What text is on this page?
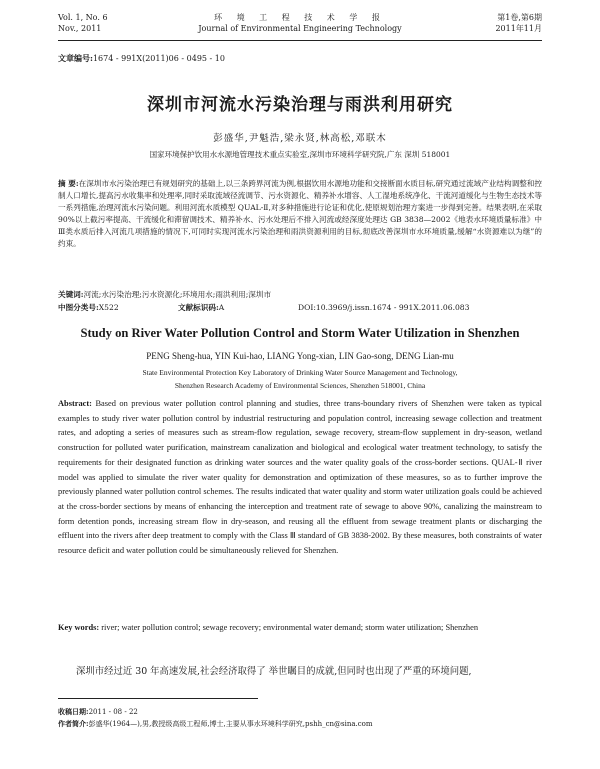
Vol. 1, No. 6
Nov., 2011
环 境 工 程 技 术 学 报
Journal of Environmental Engineering Technology
第1卷,第6期
2011年11月
文章编号:1674 - 991X(2011)06 - 0495 - 10
深圳市河流水污染治理与雨洪利用研究
彭盛华,尹魁浩,梁永贤,林高松,邓联木
国家环境保护饮用水水源地管理技术重点实验室,深圳市环境科学研究院,广东 深圳 518001
摘 要:在深圳市水污染治理已有规划研究的基础上,以三条跨界河流为例,根据饮用水源地功能和交接断面水质目标,研究通过流域产业结构调整和控制人口增长,提高污水收集率和处理率,同时采取流域径流调节、污水资源化、精养补水增容、人工湿地系统净化、干流河道缓化与生物生态技术等一系列措施,治理河流水污染问题。利用河流水质模型 QUAL-Ⅱ,对多种措施进行论证和优化,使原规划治理方案进一步得到完善。结果表明,在采取90%以上截污率提高、干流缓化和滞留调技术、精养补水、污水处理后不排入河流或经深度处理达 GB 3838—2002《地表水环境质量标准》中Ⅲ类水质后排入河流几项措施的情况下,可同时实现河流水污染治理和雨洪资源利用的目标,彻底改善深圳市水环境质量,缓解“水资源难以为继”的约束。
关键词:河流;水污染治理;污水资源化;环境用水;雨洪利用;深圳市
中图分类号:X522	文献标识码:A	DOI:10.3969/j.issn.1674 - 991X.2011.06.083
Study on River Water Pollution Control and Storm Water Utilization in Shenzhen
PENG Sheng-hua, YIN Kui-hao, LIANG Yong-xian, LIN Gao-song, DENG Lian-mu
State Environmental Protection Key Laboratory of Drinking Water Source Management and Technology,
Shenzhen Research Academy of Environmental Sciences, Shenzhen 518001, China
Abstract: Based on previous water pollution control planning and studies, three trans-boundary rivers of Shenzhen were taken as typical examples to study river water pollution control by industrial restructuring and population control, increasing sewage collection and treatment rates, and adopting a series of measures such as stream-flow regulation, sewage recovery, stream-flow supplement in dry-season, wetland construction for polluted water purification, mainstream canalization and biological and ecological water treatment technology, to satisfy the requirements for their designated function as drinking water sources and the water quality goals of the cross-border sections. QUAL-Ⅱ river model was applied to simulate the river water quality for demonstration and optimization of these measures, so as to further improve the previously planned water pollution control schemes. The results indicated that water quality and storm water utilization goals could be achieved at the cross-border sections by means of enhancing the interception and treatment rate of sewage to above 90%, canalizing the mainstream to form detention ponds, increasing stream flow in dry-season, and reusing all the effluent from sewage treatment plants or discharging the effluent into the rivers after deep treatment to comply with the Class Ⅲ standard of GB 3838-2002. By these measures, both constraints of water resource deficit and water pollution could be simultaneously relieved for Shenzhen.
Key words: river; water pollution control; sewage recovery; environmental water demand; storm water utilization; Shenzhen
深圳市经过近 30 年高速发展,社会经济取得了 举世瞩目的成就,但同时也出现了严重的环境问题,
收稿日期:2011 - 08 - 22
作者简介:彭盛华(1964—),男,教授级高级工程师,博士,主要从事水环境科学研究,pshh_cn@sina.com
